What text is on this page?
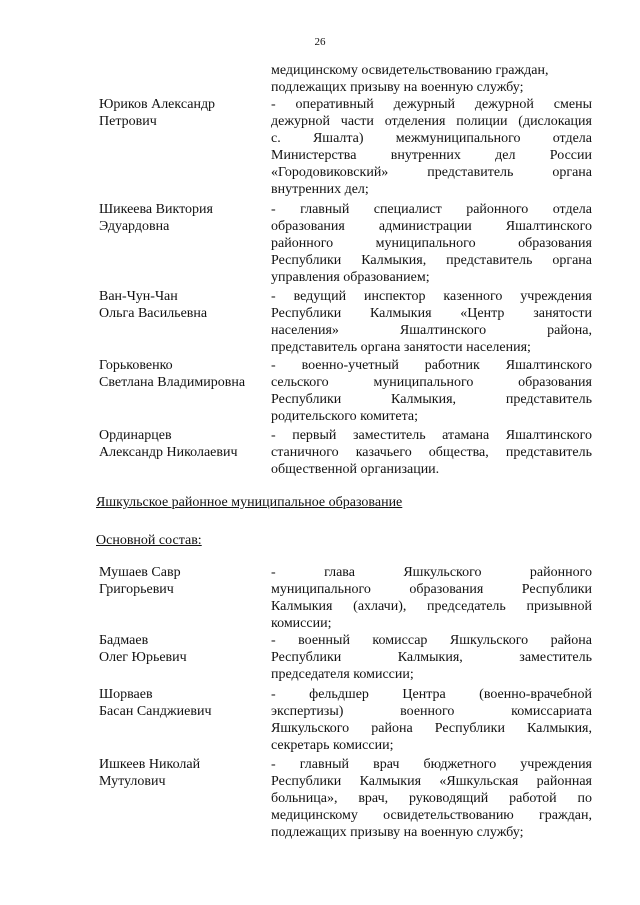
26
медицинскому освидетельствованию граждан,
подлежащих призыву на военную службу;
Юриков Александр
Петрович
- оперативный дежурный дежурной смены
дежурной части отделения полиции (дислокация
с. Яшалта) межмуниципального отдела
Министерства внутренних дел России
«Городовиковский» представитель органа
внутренних дел;
Шикеева Виктория
Эдуардовна
- главный специалист районного отдела
образования администрации Яшалтинского
районного муниципального образования
Республики Калмыкия, представитель органа
управления образованием;
Ван-Чун-Чан
Ольга Васильевна
- ведущий инспектор казенного учреждения
Республики Калмыкия «Центр занятости
населения» Яшалтинского района,
представитель органа занятости населения;
Горьковенко
Светлана Владимировна
- военно-учетный работник Яшалтинского
сельского муниципального образования
Республики Калмыкия, представитель
родительского комитета;
Ординарцев
Александр Николаевич
- первый заместитель атамана Яшалтинского
станичного казачьего общества, представитель
общественной организации.
Яшкульское районное муниципальное образование
Основной состав:
Мушаев Савр
Григорьевич
- глава Яшкульского районного
муниципального образования Республики
Калмыкия (ахлачи), председатель призывной
комиссии;
Бадмаев
Олег Юрьевич
- военный комиссар Яшкульского района
Республики Калмыкия, заместитель
председателя комиссии;
Шорваев
Басан Санджиевич
- фельдшер Центра (военно-врачебной
экспертизы) военного комиссариата
Яшкульского района Республики Калмыкия,
секретарь комиссии;
Ишкеев Николай
Мутулович
- главный врач бюджетного учреждения
Республики Калмыкия «Яшкульская районная
больница», врач, руководящий работой по
медицинскому освидетельствованию граждан,
подлежащих призыву на военную службу;
